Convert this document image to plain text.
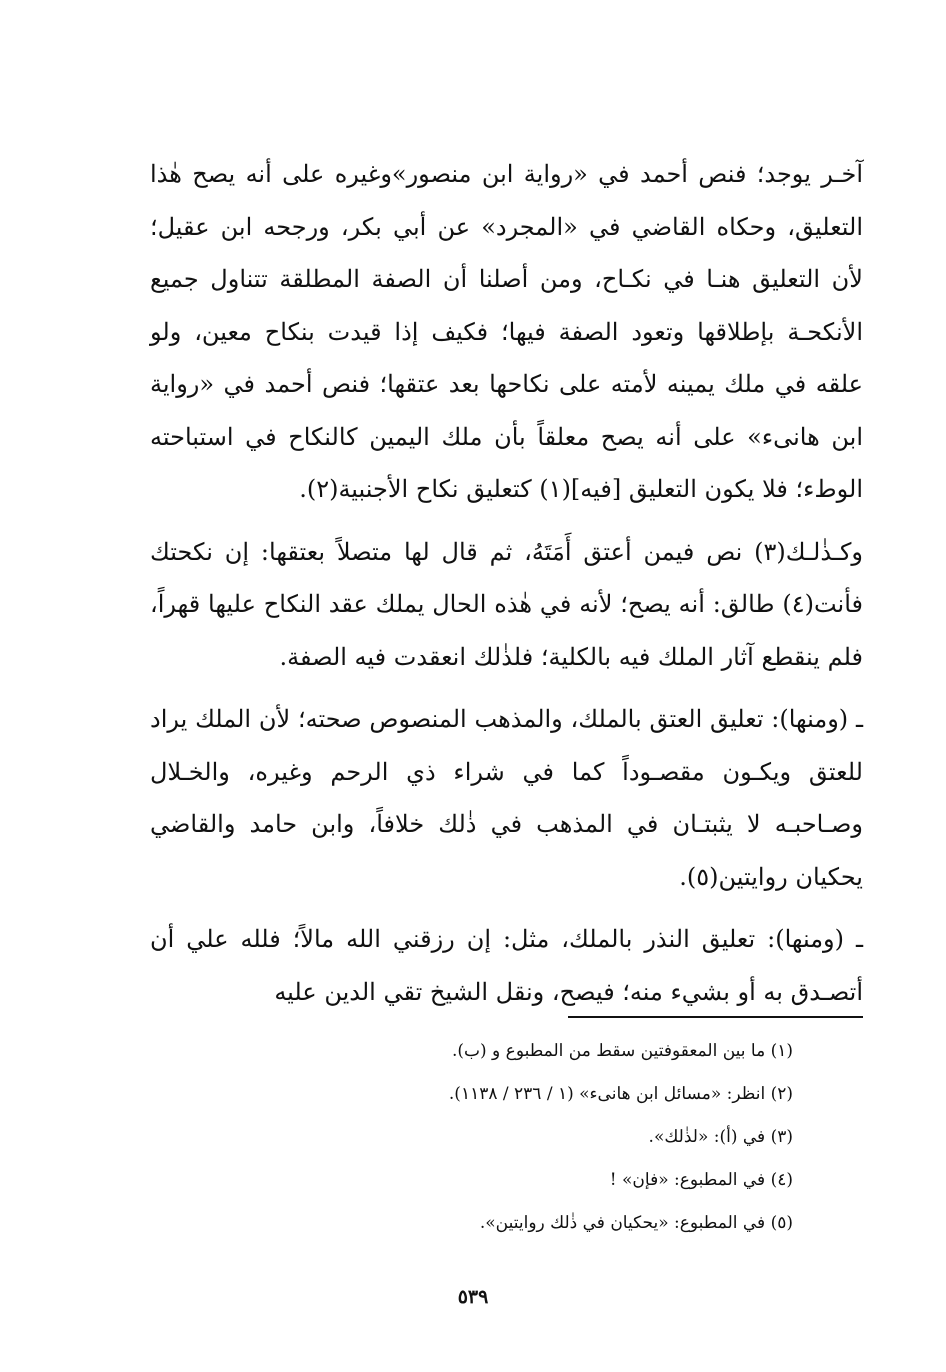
آخـر يوجد؛ فنص أحمد في «رواية ابن منصور»وغيره على أنه يصح هٰذا التعليق، وحكاه القاضي في «المجرد» عن أبي بكر، ورجحه ابن عقيل؛ لأن التعليق هنـا في نكـاح، ومن أصلنا أن الصفة المطلقة تتناول جميع الأنكحـة بإطلاقها وتعود الصفة فيها؛ فكيف إذا قيدت بنكاح معين، ولو علقه في ملك يمينه لأمته على نكاحها بعد عتقها؛ فنص أحمد في «رواية ابن هانىء» على أنه يصح معلقاً بأن ملك اليمين كالنكاح في استباحته الوطء؛ فلا يكون التعليق [فيه](١) كتعليق نكاح الأجنبية(٢).

وكـذٰلـك(٣) نص فيمن أعتق أَمَتَهُ، ثم قال لها متصلاً بعتقها: إن نكحتك فأنت(٤) طالق: أنه يصح؛ لأنه في هٰذه الحال يملك عقد النكاح عليها قهراً، فلم ينقطع آثار الملك فيه بالكلية؛ فلذٰلك انعقدت فيه الصفة.

ـ (ومنها): تعليق العتق بالملك، والمذهب المنصوص صحته؛ لأن الملك يراد للعتق ويكـون مقصـوداً كما في شراء ذي الرحم وغيره، والخـلال وصـاحبـه لا يثبتـان في المذهب في ذٰلك خلافاً، وابن حامد والقاضي يحكيان روايتين(٥).

ـ (ومنها): تعليق النذر بالملك، مثل: إن رزقني الله مالاً؛ فلله علي أن أتصـدق به أو بشيء منه؛ فيصح، ونقل الشيخ تقي الدين عليه

(١) ما بين المعقوفتين سقط من المطبوع و (ب).

(٢) انظر: «مسائل ابن هانىء» (١ / ٢٣٦ / ١١٣٨).

(٣) في (أ): «لذٰلك».

(٤) في المطبوع: «فإن» !

(٥) في المطبوع: «يحكيان في ذٰلك روايتين».

٥٣٩
